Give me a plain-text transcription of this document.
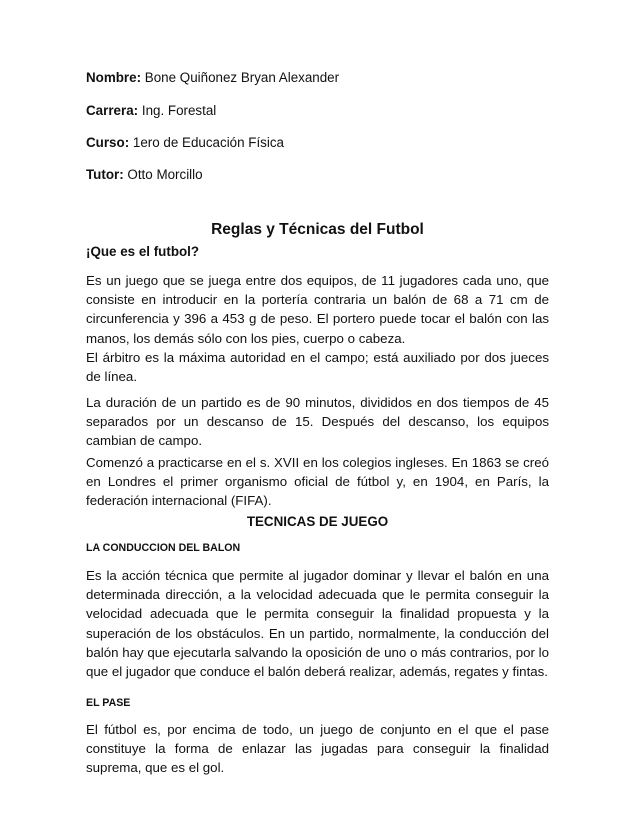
Nombre: Bone Quiñonez Bryan Alexander
Carrera: Ing. Forestal
Curso: 1ero de Educación Física
Tutor: Otto Morcillo
Reglas y Técnicas del Futbol
¡Que es el futbol?

Es un juego que se juega entre dos equipos, de 11 jugadores cada uno, que consiste en introducir en la portería contraria un balón de 68 a 71 cm de circunferencia y 396 a 453 g de peso. El portero puede tocar el balón con las manos, los demás sólo con los pies, cuerpo o cabeza.

El árbitro es la máxima autoridad en el campo; está auxiliado por dos jueces de línea.

La duración de un partido es de 90 minutos, divididos en dos tiempos de 45 separados por un descanso de 15. Después del descanso, los equipos cambian de campo.

Comenzó a practicarse en el s. XVII en los colegios ingleses. En 1863 se creó en Londres el primer organismo oficial de fútbol y, en 1904, en París, la federación internacional (FIFA).

TECNICAS DE JUEGO
LA CONDUCCION DEL BALON

Es la acción técnica que permite al jugador dominar y llevar el balón en una determinada dirección, a la velocidad adecuada que le permita conseguir la velocidad adecuada que le permita conseguir la finalidad propuesta y la superación de los obstáculos. En un partido, normalmente, la conducción del balón hay que ejecutarla salvando la oposición de uno o más contrarios, por lo que el jugador que conduce el balón deberá realizar, además, regates y fintas.

EL PASE

El fútbol es, por encima de todo, un juego de conjunto en el que el pase constituye la forma de enlazar las jugadas para conseguir la finalidad suprema, que es el gol.
